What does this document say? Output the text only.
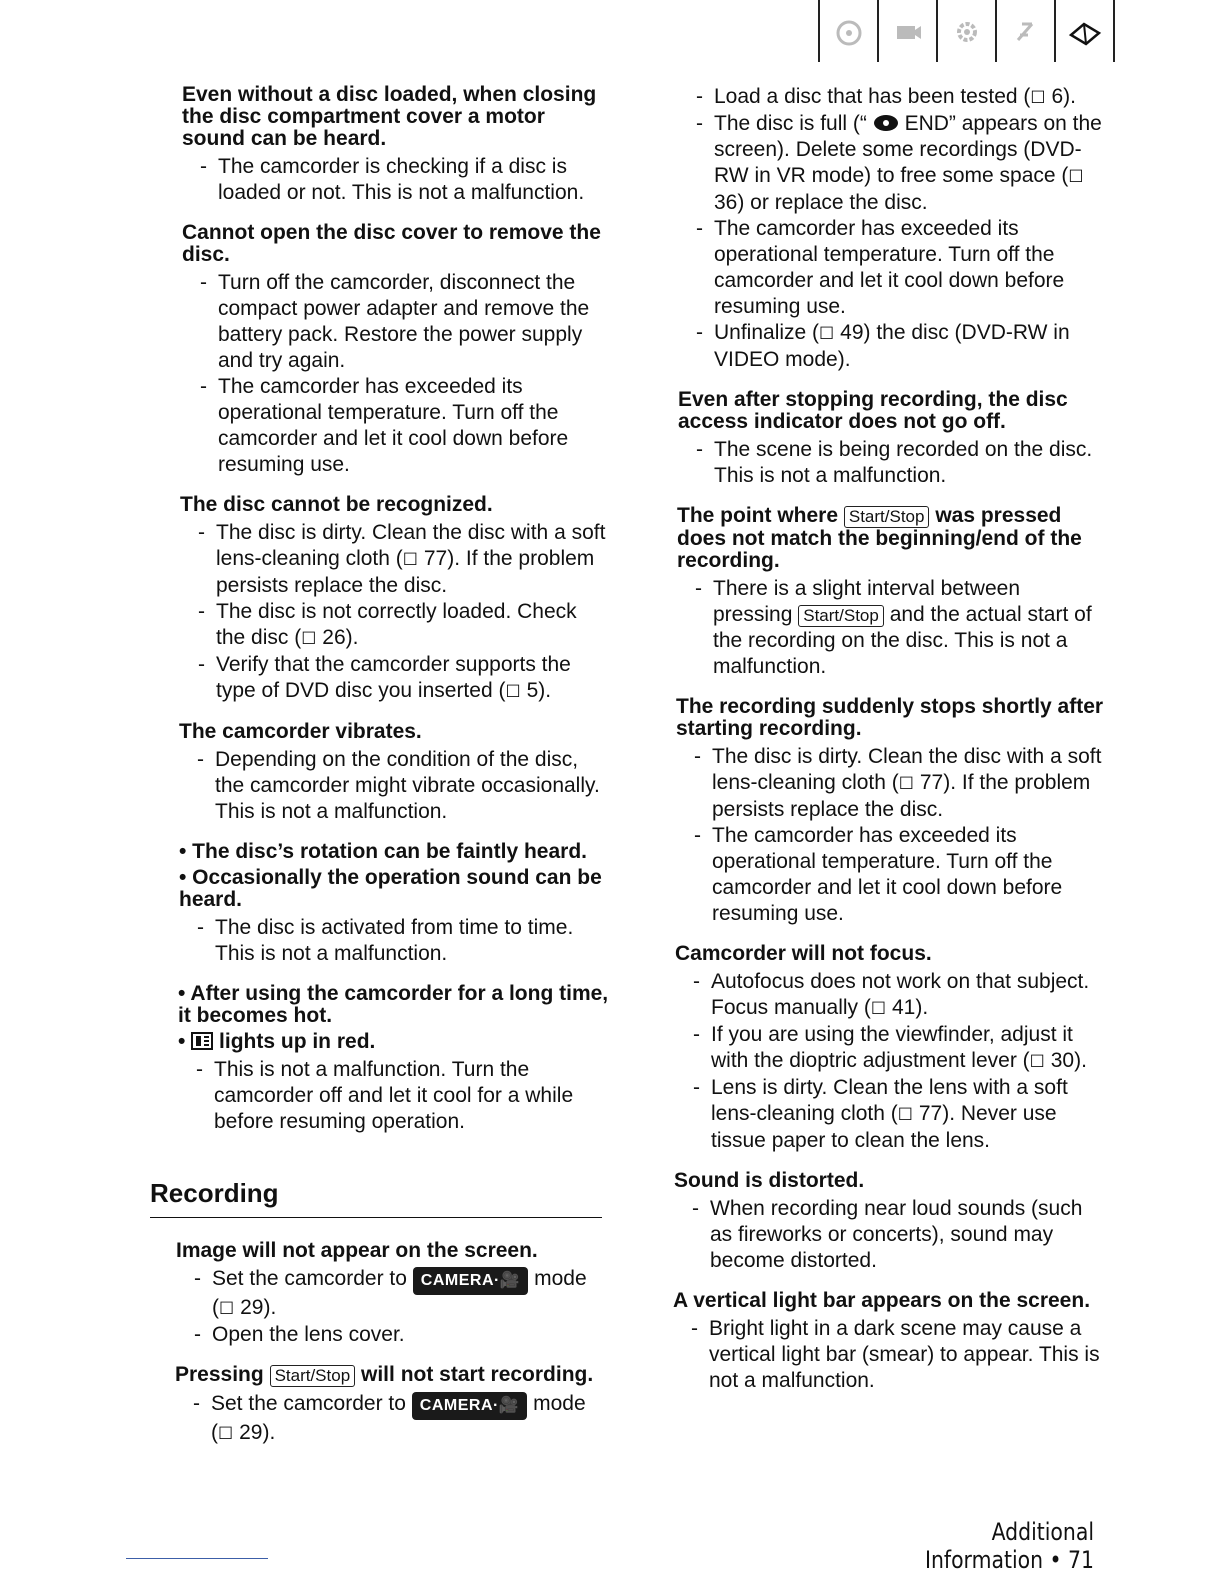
Even without a disc loaded, when closing the disc compartment cover a motor sound can be heard.

- The camcorder is checking if a disc is loaded or not. This is not a malfunction.

Cannot open the disc cover to remove the disc.

- Turn off the camcorder, disconnect the compact power adapter and remove the battery pack. Restore the power supply and try again.
- The camcorder has exceeded its operational temperature. Turn off the camcorder and let it cool down before resuming use.

The disc cannot be recognized.

- The disc is dirty. Clean the disc with a soft lens-cleaning cloth (☐ 77). If the problem persists replace the disc.
- The disc is not correctly loaded. Check the disc (☐ 26).
- Verify that the camcorder supports the type of DVD disc you inserted (☐ 5).

The camcorder vibrates.

- Depending on the condition of the disc, the camcorder might vibrate occasionally. This is not a malfunction.

• The disc’s rotation can be faintly heard.

• Occasionally the operation sound can be heard.

- The disc is activated from time to time. This is not a malfunction.

• After using the camcorder for a long time, it becomes hot.

•  lights up in red.

- This is not a malfunction. Turn the camcorder off and let it cool for a while before resuming operation.

Recording

Image will not appear on the screen.

- Set the camcorder to CAMERA·🎥 mode (☐ 29).
- Open the lens cover.

Pressing Start/Stop will not start recording.

- Set the camcorder to CAMERA·🎥 mode (☐ 29).
- Load a disc that has been tested (☐ 6).
- The disc is full (“ END” appears on the screen). Delete some recordings (DVD-RW in VR mode) to free some space (☐ 36) or replace the disc.
- The camcorder has exceeded its operational temperature. Turn off the camcorder and let it cool down before resuming use.
- Unfinalize (☐ 49) the disc (DVD-RW in VIDEO mode).

Even after stopping recording, the disc access indicator does not go off.

- The scene is being recorded on the disc. This is not a malfunction.

The point where Start/Stop was pressed does not match the beginning/end of the recording.

- There is a slight interval between pressing Start/Stop and the actual start of the recording on the disc. This is not a malfunction.

The recording suddenly stops shortly after starting recording.

- The disc is dirty. Clean the disc with a soft lens-cleaning cloth (☐ 77). If the problem persists replace the disc.
- The camcorder has exceeded its operational temperature. Turn off the camcorder and let it cool down before resuming use.

Camcorder will not focus.

- Autofocus does not work on that subject. Focus manually (☐ 41).
- If you are using the viewfinder, adjust it with the dioptric adjustment lever (☐ 30).
- Lens is dirty. Clean the lens with a soft lens-cleaning cloth (☐ 77). Never use tissue paper to clean the lens.

Sound is distorted.

- When recording near loud sounds (such as fireworks or concerts), sound may become distorted.

A vertical light bar appears on the screen.

- Bright light in a dark scene may cause a vertical light bar (smear) to appear. This is not a malfunction.
Additional Information • 71
